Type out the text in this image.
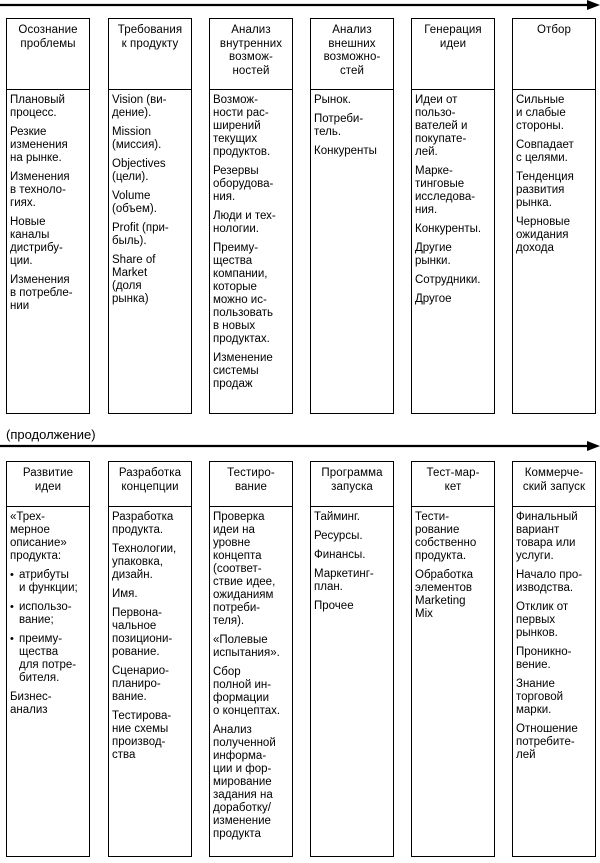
Осознание
проблемы
Плановый
процесс.
Резкие
изменения
на рынке.
Изменения
в техноло-
гиях.
Новые
каналы
дистрибу-
ции.
Изменения
в потребле-
нии
Требования
к продукту
Vision (ви-
дение).
Mission
(миссия).
Objectives
(цели).
Volume
(объем).
Profit (при-
быль).
Share of
Market
(доля
рынка)
Анализ
внутренних
возмож-
ностей
Возмож-
ности рас-
ширений
текущих
продуктов.
Резервы
оборудова-
ния.
Люди и тех-
нологии.
Преиму-
щества
компании,
которые
можно ис-
пользовать
в новых
продуктах.
Изменение
системы
продаж
Анализ
внешних
возможно-
стей
Рынок.
Потреби-
тель.
Конкуренты
Генерация
идеи
Идеи от
пользо-
вателей и
покупате-
лей.
Марке-
тинговые
исследова-
ния.
Конкуренты.
Другие
рынки.
Сотрудники.
Другое
Отбор
Сильные
и слабые
стороны.
Совпадает
с целями.
Тенденция
развития
рынка.
Черновые
ожидания
дохода
(продолжение)
Развитие
идеи
«Трех-
мерное
описание»
продукта:
• атрибуты
и функции;
• использо-
вание;
• преиму-
щества
для потре-
бителя.
Бизнес-
анализ
Разработка
концепции
Разработка
продукта.
Технологии,
упаковка,
дизайн.
Имя.
Первона-
чальное
позициони-
рование.
Сценарио-
планиро-
вание.
Тестирова-
ние схемы
производ-
ства
Тестиро-
вание
Проверка
идеи на
уровне
концепта
(соответ-
ствие идее,
ожиданиям
потреби-
теля).
«Полевые
испытания».
Сбор
полной ин-
формации
о концептах.
Анализ
полученной
информа-
ции и фор-
мирование
задания на
доработку/
изменение
продукта
Программа
запуска
Тайминг.
Ресурсы.
Финансы.
Маркетинг-
план.
Прочее
Тест-мар-
кет
Тести-
рование
собственно
продукта.
Обработка
элементов
Marketing
Mix
Коммерче-
ский запуск
Финальный
вариант
товара или
услуги.
Начало про-
изводства.
Отклик от
первых
рынков.
Проникно-
вение.
Знание
торговой
марки.
Отношение
потребите-
лей
